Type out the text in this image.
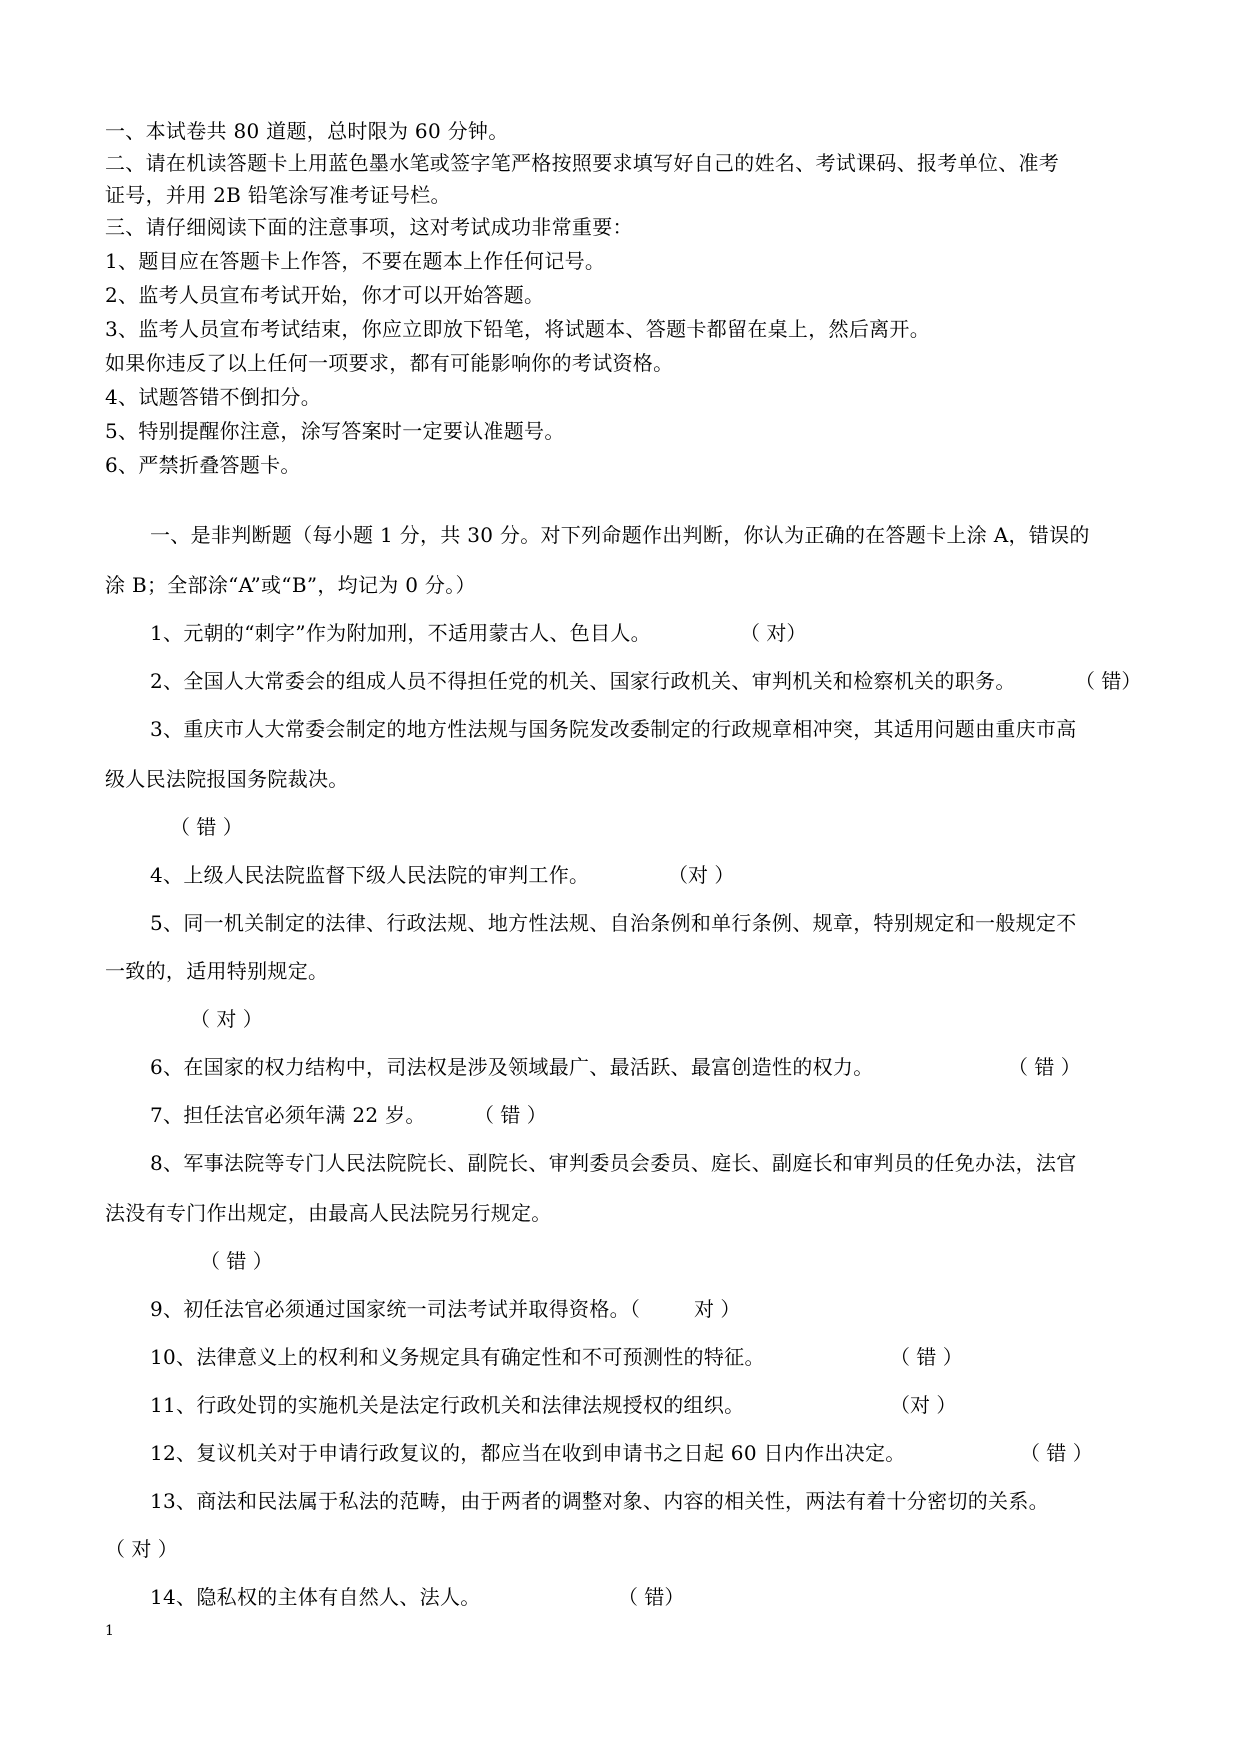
一、本试卷共 80 道题，总时限为 60 分钟。
二、请在机读答题卡上用蓝色墨水笔或签字笔严格按照要求填写好自己的姓名、考试课码、报考单位、准考
证号，并用 2B 铅笔涂写准考证号栏。
三、请仔细阅读下面的注意事项，这对考试成功非常重要：
1、题目应在答题卡上作答，不要在题本上作任何记号。
2、监考人员宣布考试开始，你才可以开始答题。
3、监考人员宣布考试结束，你应立即放下铅笔，将试题本、答题卡都留在桌上，然后离开。
如果你违反了以上任何一项要求，都有可能影响你的考试资格。
4、试题答错不倒扣分。
5、特别提醒你注意，涂写答案时一定要认准题号。
6、严禁折叠答题卡。
一、是非判断题（每小题 1 分，共 30 分。对下列命题作出判断，你认为正确的在答题卡上涂 A，错误的
涂 B；全部涂“A”或“B”，均记为 0 分。）
1、元朝的“刺字”作为附加刑，不适用蒙古人、色目人。	（ 对）
2、全国人大常委会的组成人员不得担任党的机关、国家行政机关、审判机关和检察机关的职务。	（ 错）
3、重庆市人大常委会制定的地方性法规与国务院发改委制定的行政规章相冲突，其适用问题由重庆市高
级人民法院报国务院裁决。
（ 错 ）
4、上级人民法院监督下级人民法院的审判工作。	（对 ）
5、同一机关制定的法律、行政法规、地方性法规、自治条例和单行条例、规章，特别规定和一般规定不
一致的，适用特别规定。
（ 对 ）
6、在国家的权力结构中，司法权是涉及领域最广、最活跃、最富创造性的权力。	（ 错 ）
7、担任法官必须年满 22 岁。 （ 错 ）
8、军事法院等专门人民法院院长、副院长、审判委员会委员、庭长、副庭长和审判员的任免办法，法官
法没有专门作出规定，由最高人民法院另行规定。
（ 错 ）
9、初任法官必须通过国家统一司法考试并取得资格。（	对 ）
10、法律意义上的权利和义务规定具有确定性和不可预测性的特征。	（ 错 ）
11、行政处罚的实施机关是法定行政机关和法律法规授权的组织。	（对 ）
12、复议机关对于申请行政复议的，都应当在收到申请书之日起 60 日内作出决定。	（ 错 ）
13、商法和民法属于私法的范畴，由于两者的调整对象、内容的相关性，两法有着十分密切的关系。
（ 对 ）
14、隐私权的主体有自然人、法人。	（ 错）
1
